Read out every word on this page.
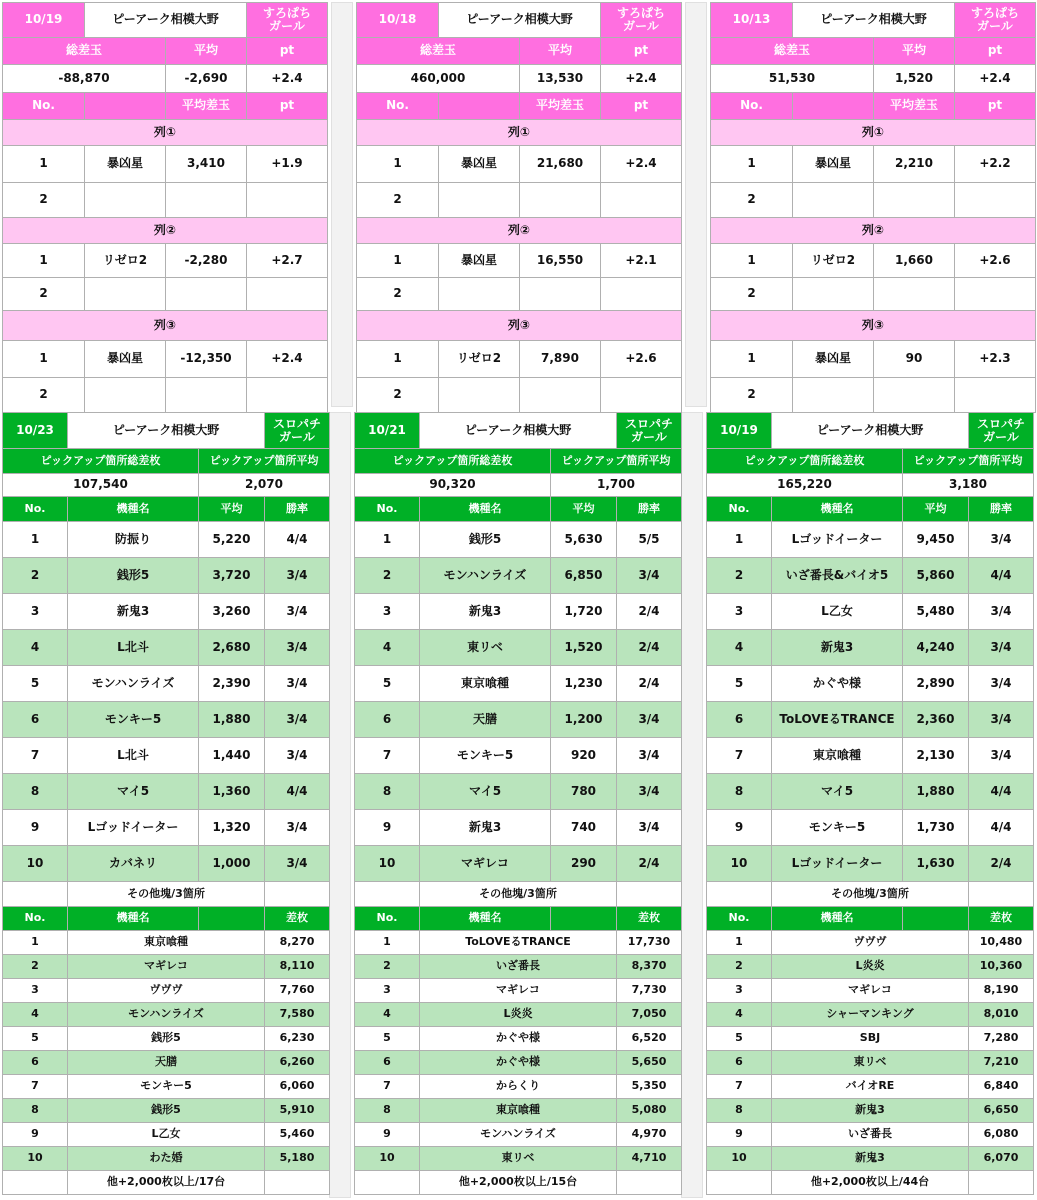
10/19	ピーアーク相模大野	すろぱち
ガール
総差玉	平均	pt
-88,870	-2,690	+2.4
No.	平均差玉	pt
列①
1	暴凶星	3,410	+1.9
2
列②
1	リゼロ2	-2,280	+2.7
2
列③
1	暴凶星	-12,350	+2.4
2
10/18	ピーアーク相模大野	すろぱち
ガール
総差玉	平均	pt
460,000	13,530	+2.4
No.	平均差玉	pt
列①
1	暴凶星	21,680	+2.4
2
列②
1	暴凶星	16,550	+2.1
2
列③
1	リゼロ2	7,890	+2.6
2
10/13	ピーアーク相模大野	すろぱち
ガール
総差玉	平均	pt
51,530	1,520	+2.4
No.	平均差玉	pt
列①
1	暴凶星	2,210	+2.2
2
列②
1	リゼロ2	1,660	+2.6
2
列③
1	暴凶星	90	+2.3
2
10/23	ピーアーク相模大野	スロパチ
ガール
ピックアップ箇所総差枚	ピックアップ箇所平均
107,540	2,070
No.	機種名	平均	勝率
1	防振り	5,220	4/4
2	銭形5	3,720	3/4
3	新鬼3	3,260	3/4
4	L北斗	2,680	3/4
5	モンハンライズ	2,390	3/4
6	モンキー5	1,880	3/4
7	L北斗	1,440	3/4
8	マイ5	1,360	4/4
9	Lゴッドイーター	1,320	3/4
10	カバネリ	1,000	3/4
その他塊/3箇所
No.	機種名	差枚
1	東京喰種	8,270
2	マギレコ	8,110
3	ヴヴヴ	7,760
4	モンハンライズ	7,580
5	銭形5	6,230
6	天膳	6,260
7	モンキー5	6,060
8	銭形5	5,910
9	L乙女	5,460
10	わた婚	5,180
他+2,000枚以上/17台
10/21	ピーアーク相模大野	スロパチ
ガール
ピックアップ箇所総差枚	ピックアップ箇所平均
90,320	1,700
No.	機種名	平均	勝率
1	銭形5	5,630	5/5
2	モンハンライズ	6,850	3/4
3	新鬼3	1,720	2/4
4	東リベ	1,520	2/4
5	東京喰種	1,230	2/4
6	天膳	1,200	3/4
7	モンキー5	920	3/4
8	マイ5	780	3/4
9	新鬼3	740	3/4
10	マギレコ	290	2/4
その他塊/3箇所
No.	機種名	差枚
1	ToLOVEるTRANCE	17,730
2	いざ番長	8,370
3	マギレコ	7,730
4	L炎炎	7,050
5	かぐや様	6,520
6	かぐや様	5,650
7	からくり	5,350
8	東京喰種	5,080
9	モンハンライズ	4,970
10	東リベ	4,710
他+2,000枚以上/15台
10/19	ピーアーク相模大野	スロパチ
ガール
ピックアップ箇所総差枚	ピックアップ箇所平均
165,220	3,180
No.	機種名	平均	勝率
1	Lゴッドイーター	9,450	3/4
2	いざ番長&バイオ5	5,860	4/4
3	L乙女	5,480	3/4
4	新鬼3	4,240	3/4
5	かぐや様	2,890	3/4
6	ToLOVEるTRANCE	2,360	3/4
7	東京喰種	2,130	3/4
8	マイ5	1,880	4/4
9	モンキー5	1,730	4/4
10	Lゴッドイーター	1,630	2/4
その他塊/3箇所
No.	機種名	差枚
1	ヴヴヴ	10,480
2	L炎炎	10,360
3	マギレコ	8,190
4	シャーマンキング	8,010
5	SBJ	7,280
6	東リベ	7,210
7	バイオRE	6,840
8	新鬼3	6,650
9	いざ番長	6,080
10	新鬼3	6,070
他+2,000枚以上/44台
